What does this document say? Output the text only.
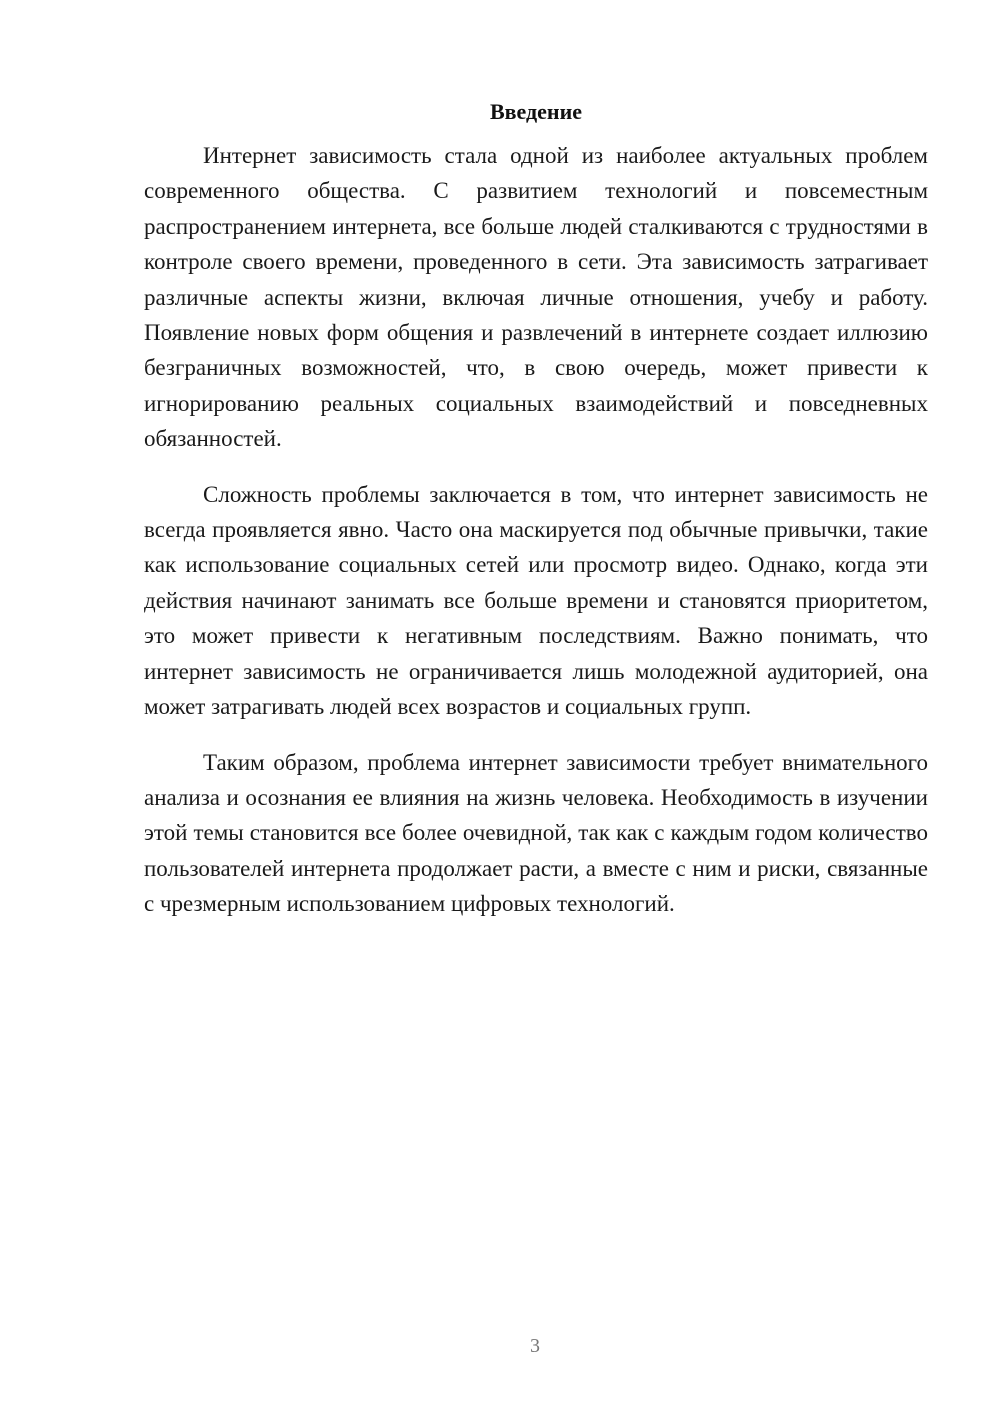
Введение

Интернет зависимость стала одной из наиболее актуальных проблем современного общества. С развитием технологий и повсеместным распространением интернета, все больше людей сталкиваются с трудностями в контроле своего времени, проведенного в сети. Эта зависимость затрагивает различные аспекты жизни, включая личные отношения, учебу и работу. Появление новых форм общения и развлечений в интернете создает иллюзию безграничных возможностей, что, в свою очередь, может привести к игнорированию реальных социальных взаимодействий и повседневных обязанностей.

Сложность проблемы заключается в том, что интернет зависимость не всегда проявляется явно. Часто она маскируется под обычные привычки, такие как использование социальных сетей или просмотр видео. Однако, когда эти действия начинают занимать все больше времени и становятся приоритетом, это может привести к негативным последствиям. Важно понимать, что интернет зависимость не ограничивается лишь молодежной аудиторией, она может затрагивать людей всех возрастов и социальных групп.

Таким образом, проблема интернет зависимости требует внимательного анализа и осознания ее влияния на жизнь человека. Необходимость в изучении этой темы становится все более очевидной, так как с каждым годом количество пользователей интернета продолжает расти, а вместе с ним и риски, связанные с чрезмерным использованием цифровых технологий.

3
